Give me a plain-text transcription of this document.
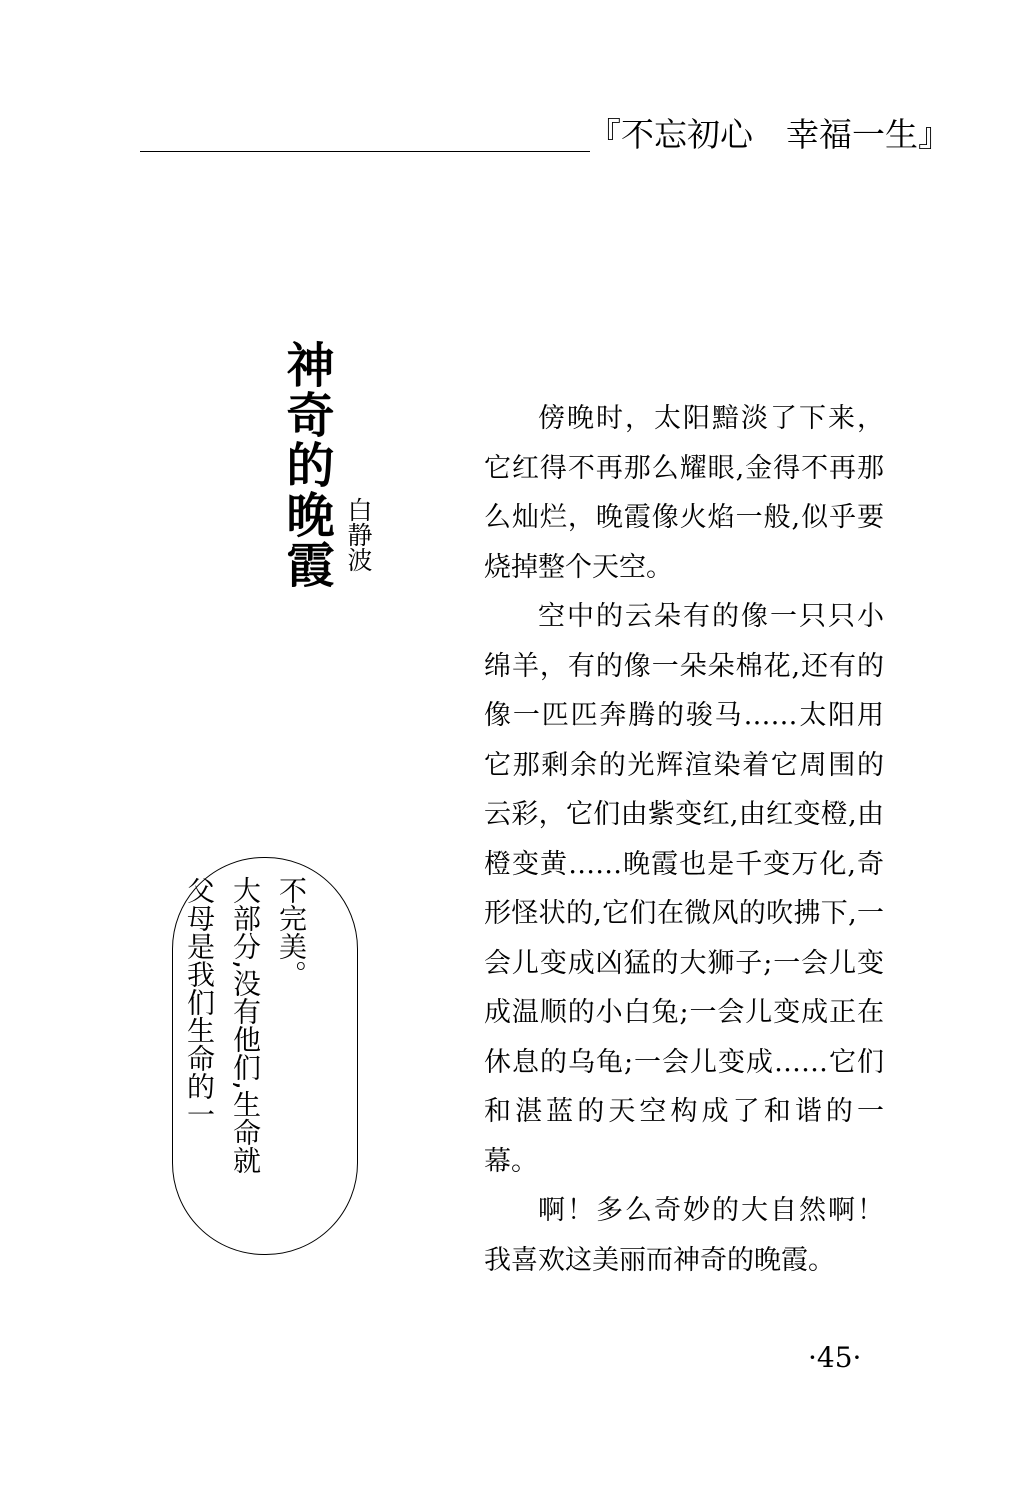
『不忘初心　幸福一生』
神奇的晚霞 白静波

傍晚时，太阳黯淡了下来，它红得不再那么耀眼,金得不再那么灿烂，晚霞像火焰一般,似乎要烧掉整个天空。

空中的云朵有的像一只只小绵羊，有的像一朵朵棉花,还有的像一匹匹奔腾的骏马……太阳用它那剩余的光辉渲染着它周围的云彩，它们由紫变红,由红变橙,由橙变黄……晚霞也是千变万化,奇形怪状的,它们在微风的吹拂下,一会儿变成凶猛的大狮子;一会儿变成温顺的小白兔;一会儿变成正在休息的乌龟;一会儿变成……它们和湛蓝的天空构成了和谐的一幕。

啊！多么奇妙的大自然啊！我喜欢这美丽而神奇的晚霞。

不完美。
大部分,没有他们,生命就
父母是我们生命的一
·45·
